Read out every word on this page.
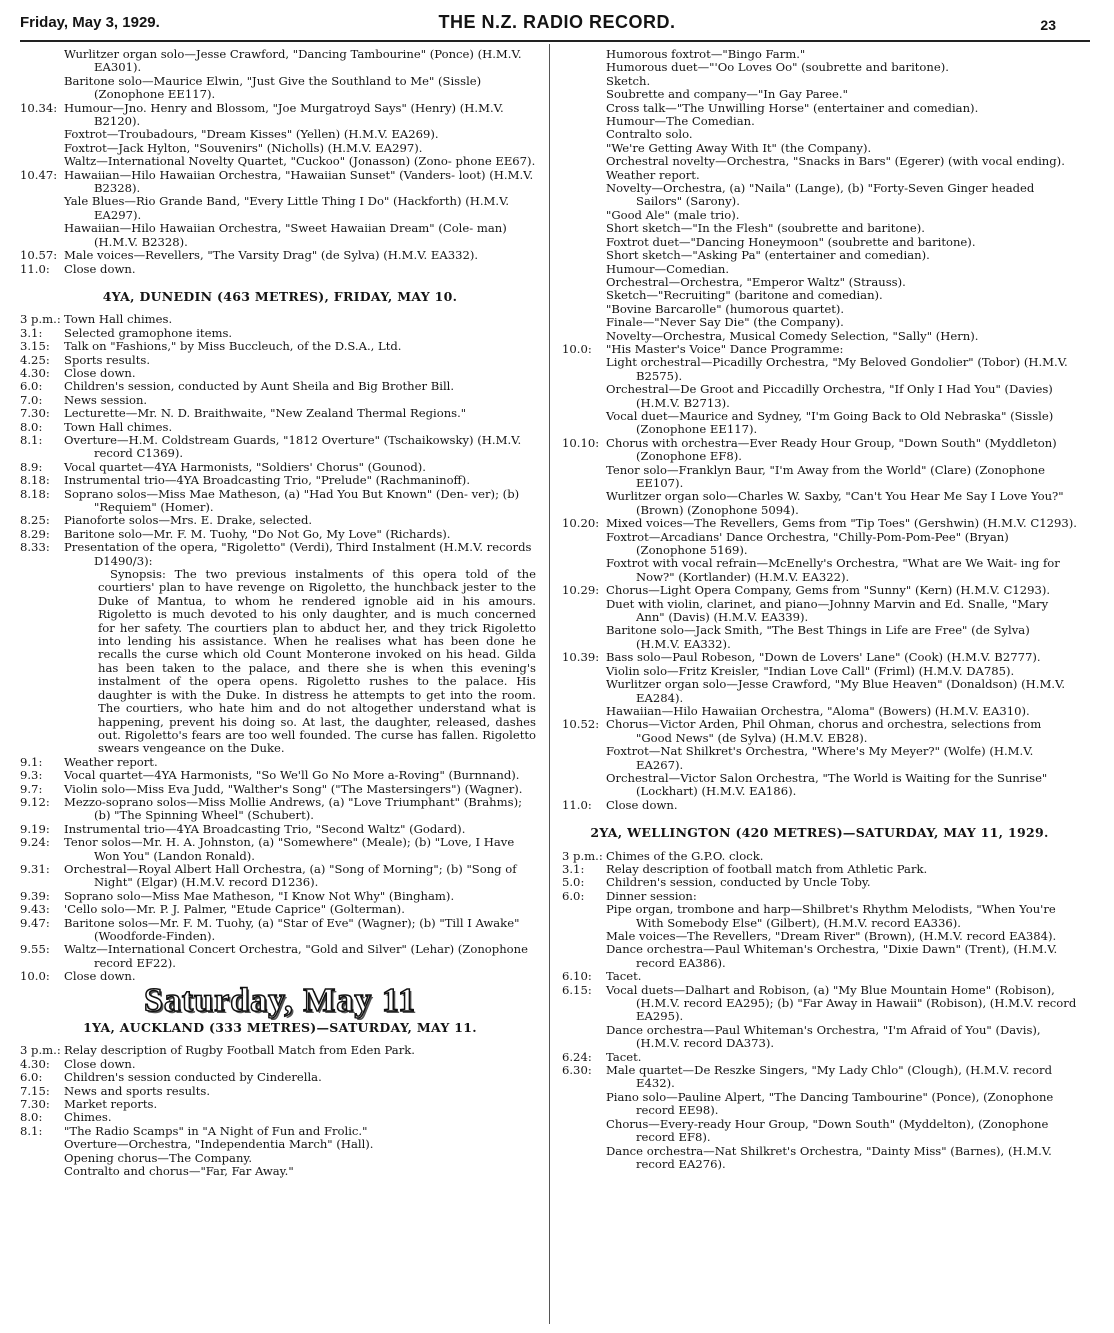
Friday, May 3, 1929.	THE N.Z. RADIO RECORD.	23
Wurlitzer organ solo—Jesse Crawford, "Dancing Tambourine" (Ponce) (H.M.V. EA301).
Baritone solo—Maurice Elwin, "Just Give the Southland to Me" (Sissle) (Zonophone EE117).
10.34: Humour—Jno. Henry and Blossom, "Joe Murgatroyd Says" (Henry) (H.M.V. B2120).
Foxtrot—Troubadours, "Dream Kisses" (Yellen) (H.M.V. EA269).
Foxtrot—Jack Hylton, "Souvenirs" (Nicholls) (H.M.V. EA297).
Waltz—International Novelty Quartet, "Cuckoo" (Jonasson) (Zono- phone EE67).
10.47: Hawaiian—Hilo Hawaiian Orchestra, "Hawaiian Sunset" (Vanders- loot) (H.M.V. B2328).
Yale Blues—Rio Grande Band, "Every Little Thing I Do" (Hackforth) (H.M.V. EA297).
Hawaiian—Hilo Hawaiian Orchestra, "Sweet Hawaiian Dream" (Cole- man) (H.M.V. B2328).
10.57: Male voices—Revellers, "The Varsity Drag" (de Sylva) (H.M.V. EA332).
11.0: Close down.
4YA, DUNEDIN (463 METRES), FRIDAY, MAY 10.
3 p.m.: Town Hall chimes.
3.1: Selected gramophone items.
3.15: Talk on "Fashions," by Miss Buccleuch, of the D.S.A., Ltd.
4.25: Sports results.
4.30: Close down.
6.0: Children's session, conducted by Aunt Sheila and Big Brother Bill.
7.0: News session.
7.30: Lecturette—Mr. N. D. Braithwaite, "New Zealand Thermal Regions."
8.0: Town Hall chimes.
8.1: Overture—H.M. Coldstream Guards, "1812 Overture" (Tschaikowsky) (H.M.V. record C1369).
8.9: Vocal quartet—4YA Harmonists, "Soldiers' Chorus" (Gounod).
8.18: Instrumental trio—4YA Broadcasting Trio, "Prelude" (Rachmaninoff).
8.18: Soprano solos—Miss Mae Matheson, (a) "Had You But Known" (Den- ver); (b) "Requiem" (Homer).
8.25: Pianoforte solos—Mrs. E. Drake, selected.
8.29: Baritone solo—Mr. F. M. Tuohy, "Do Not Go, My Love" (Richards).
8.33: Presentation of the opera, "Rigoletto" (Verdi), Third Instalment (H.M.V. records D1490/3):

Synopsis: The two previous instalments of this opera told of the courtiers' plan to have revenge on Rigoletto, the hunchback jester to the Duke of Mantua, to whom he rendered ignoble aid in his amours. Rigoletto is much devoted to his only daughter, and is much concerned for her safety. The courtiers plan to abduct her, and they trick Rigoletto into lending his assistance. When he realises what has been done he recalls the curse which old Count Monterone invoked on his head. Gilda has been taken to the palace, and there she is when this evening's instalment of the opera opens. Rigoletto rushes to the palace. His daughter is with the Duke. In distress he attempts to get into the room. The courtiers, who hate him and do not altogether understand what is happening, prevent his doing so. At last, the daughter, released, dashes out. Rigoletto's fears are too well founded. The curse has fallen. Rigoletto swears vengeance on the Duke.

9.1: Weather report.
9.3: Vocal quartet—4YA Harmonists, "So We'll Go No More a-Roving" (Burnnand).
9.7: Violin solo—Miss Eva Judd, "Walther's Song" ("The Mastersingers") (Wagner).
9.12: Mezzo-soprano solos—Miss Mollie Andrews, (a) "Love Triumphant" (Brahms); (b) "The Spinning Wheel" (Schubert).
9.19: Instrumental trio—4YA Broadcasting Trio, "Second Waltz" (Godard).
9.24: Tenor solos—Mr. H. A. Johnston, (a) "Somewhere" (Meale); (b) "Love, I Have Won You" (Landon Ronald).
9.31: Orchestral—Royal Albert Hall Orchestra, (a) "Song of Morning"; (b) "Song of Night" (Elgar) (H.M.V. record D1236).
9.39: Soprano solo—Miss Mae Matheson, "I Know Not Why" (Bingham).
9.43: 'Cello solo—Mr. P. J. Palmer, "Etude Caprice" (Golterman).
9.47: Baritone solos—Mr. F. M. Tuohy, (a) "Star of Eve" (Wagner); (b) "Till I Awake" (Woodforde-Finden).
9.55: Waltz—International Concert Orchestra, "Gold and Silver" (Lehar) (Zonophone record EF22).
10.0: Close down.
Saturday, May 11
1YA, AUCKLAND (333 METRES)—SATURDAY, MAY 11.
3 p.m.: Relay description of Rugby Football Match from Eden Park.
4.30: Close down.
6.0: Children's session conducted by Cinderella.
7.15: News and sports results.
7.30: Market reports.
8.0: Chimes.
8.1: "The Radio Scamps" in "A Night of Fun and Frolic."
Overture—Orchestra, "Independentia March" (Hall).
Opening chorus—The Company.
Contralto and chorus—"Far, Far Away."
Humorous foxtrot—"Bingo Farm."
Humorous duet—"'Oo Loves Oo" (soubrette and baritone).
Sketch.
Soubrette and company—"In Gay Paree."
Cross talk—"The Unwilling Horse" (entertainer and comedian).
Humour—The Comedian.
Contralto solo.
"We're Getting Away With It" (the Company).
Orchestral novelty—Orchestra, "Snacks in Bars" (Egerer) (with vocal ending).
Weather report.
Novelty—Orchestra, (a) "Naila" (Lange), (b) "Forty-Seven Ginger headed Sailors" (Sarony).
"Good Ale" (male trio).
Short sketch—"In the Flesh" (soubrette and baritone).
Foxtrot duet—"Dancing Honeymoon" (soubrette and baritone).
Short sketch—"Asking Pa" (entertainer and comedian).
Humour—Comedian.
Orchestral—Orchestra, "Emperor Waltz" (Strauss).
Sketch—"Recruiting" (baritone and comedian).
"Bovine Barcarolle" (humorous quartet).
Finale—"Never Say Die" (the Company).
Novelty—Orchestra, Musical Comedy Selection, "Sally" (Hern).
10.0: "His Master's Voice" Dance Programme:
Light orchestral—Picadilly Orchestra, "My Beloved Gondolier" (Tobor) (H.M.V. B2575).
Orchestral—De Groot and Piccadilly Orchestra, "If Only I Had You" (Davies) (H.M.V. B2713).
Vocal duet—Maurice and Sydney, "I'm Going Back to Old Nebraska" (Sissle) (Zonophone EE117).
10.10: Chorus with orchestra—Ever Ready Hour Group, "Down South" (Myddleton) (Zonophone EF8).
Tenor solo—Franklyn Baur, "I'm Away from the World" (Clare) (Zonophone EE107).
Wurlitzer organ solo—Charles W. Saxby, "Can't You Hear Me Say I Love You?" (Brown) (Zonophone 5094).
10.20: Mixed voices—The Revellers, Gems from "Tip Toes" (Gershwin) (H.M.V. C1293).
Foxtrot—Arcadians' Dance Orchestra, "Chilly-Pom-Pom-Pee" (Bryan) (Zonophone 5169).
Foxtrot with vocal refrain—McEnelly's Orchestra, "What are We Wait- ing for Now?" (Kortlander) (H.M.V. EA322).
10.29: Chorus—Light Opera Company, Gems from "Sunny" (Kern) (H.M.V. C1293).
Duet with violin, clarinet, and piano—Johnny Marvin and Ed. Snalle, "Mary Ann" (Davis) (H.M.V. EA339).
Baritone solo—Jack Smith, "The Best Things in Life are Free" (de Sylva) (H.M.V. EA332).
10.39: Bass solo—Paul Robeson, "Down de Lovers' Lane" (Cook) (H.M.V. B2777).
Violin solo—Fritz Kreisler, "Indian Love Call" (Friml) (H.M.V. DA785).
Wurlitzer organ solo—Jesse Crawford, "My Blue Heaven" (Donaldson) (H.M.V. EA284).
Hawaiian—Hilo Hawaiian Orchestra, "Aloma" (Bowers) (H.M.V. EA310).
10.52: Chorus—Victor Arden, Phil Ohman, chorus and orchestra, selections from "Good News" (de Sylva) (H.M.V. EB28).
Foxtrot—Nat Shilkret's Orchestra, "Where's My Meyer?" (Wolfe) (H.M.V. EA267).
Orchestral—Victor Salon Orchestra, "The World is Waiting for the Sunrise" (Lockhart) (H.M.V. EA186).
11.0: Close down.
2YA, WELLINGTON (420 METRES)—SATURDAY, MAY 11, 1929.
3 p.m.: Chimes of the G.P.O. clock.
3.1: Relay description of football match from Athletic Park.
5.0: Children's session, conducted by Uncle Toby.
6.0: Dinner session:
Pipe organ, trombone and harp—Shilbret's Rhythm Melodists, "When You're With Somebody Else" (Gilbert), (H.M.V. record EA336).
Male voices—The Revellers, "Dream River" (Brown), (H.M.V. record EA384).
Dance orchestra—Paul Whiteman's Orchestra, "Dixie Dawn" (Trent), (H.M.V. record EA386).
6.10: Tacet.
6.15: Vocal duets—Dalhart and Robison, (a) "My Blue Mountain Home" (Robison), (H.M.V. record EA295); (b) "Far Away in Hawaii" (Robison), (H.M.V. record EA295).
Dance orchestra—Paul Whiteman's Orchestra, "I'm Afraid of You" (Davis), (H.M.V. record DA373).
6.24: Tacet.
6.30: Male quartet—De Reszke Singers, "My Lady Chlo" (Clough), (H.M.V. record E432).
Piano solo—Pauline Alpert, "The Dancing Tambourine" (Ponce), (Zonophone record EE98).
Chorus—Every-ready Hour Group, "Down South" (Myddelton), (Zonophone record EF8).
Dance orchestra—Nat Shilkret's Orchestra, "Dainty Miss" (Barnes), (H.M.V. record EA276).
